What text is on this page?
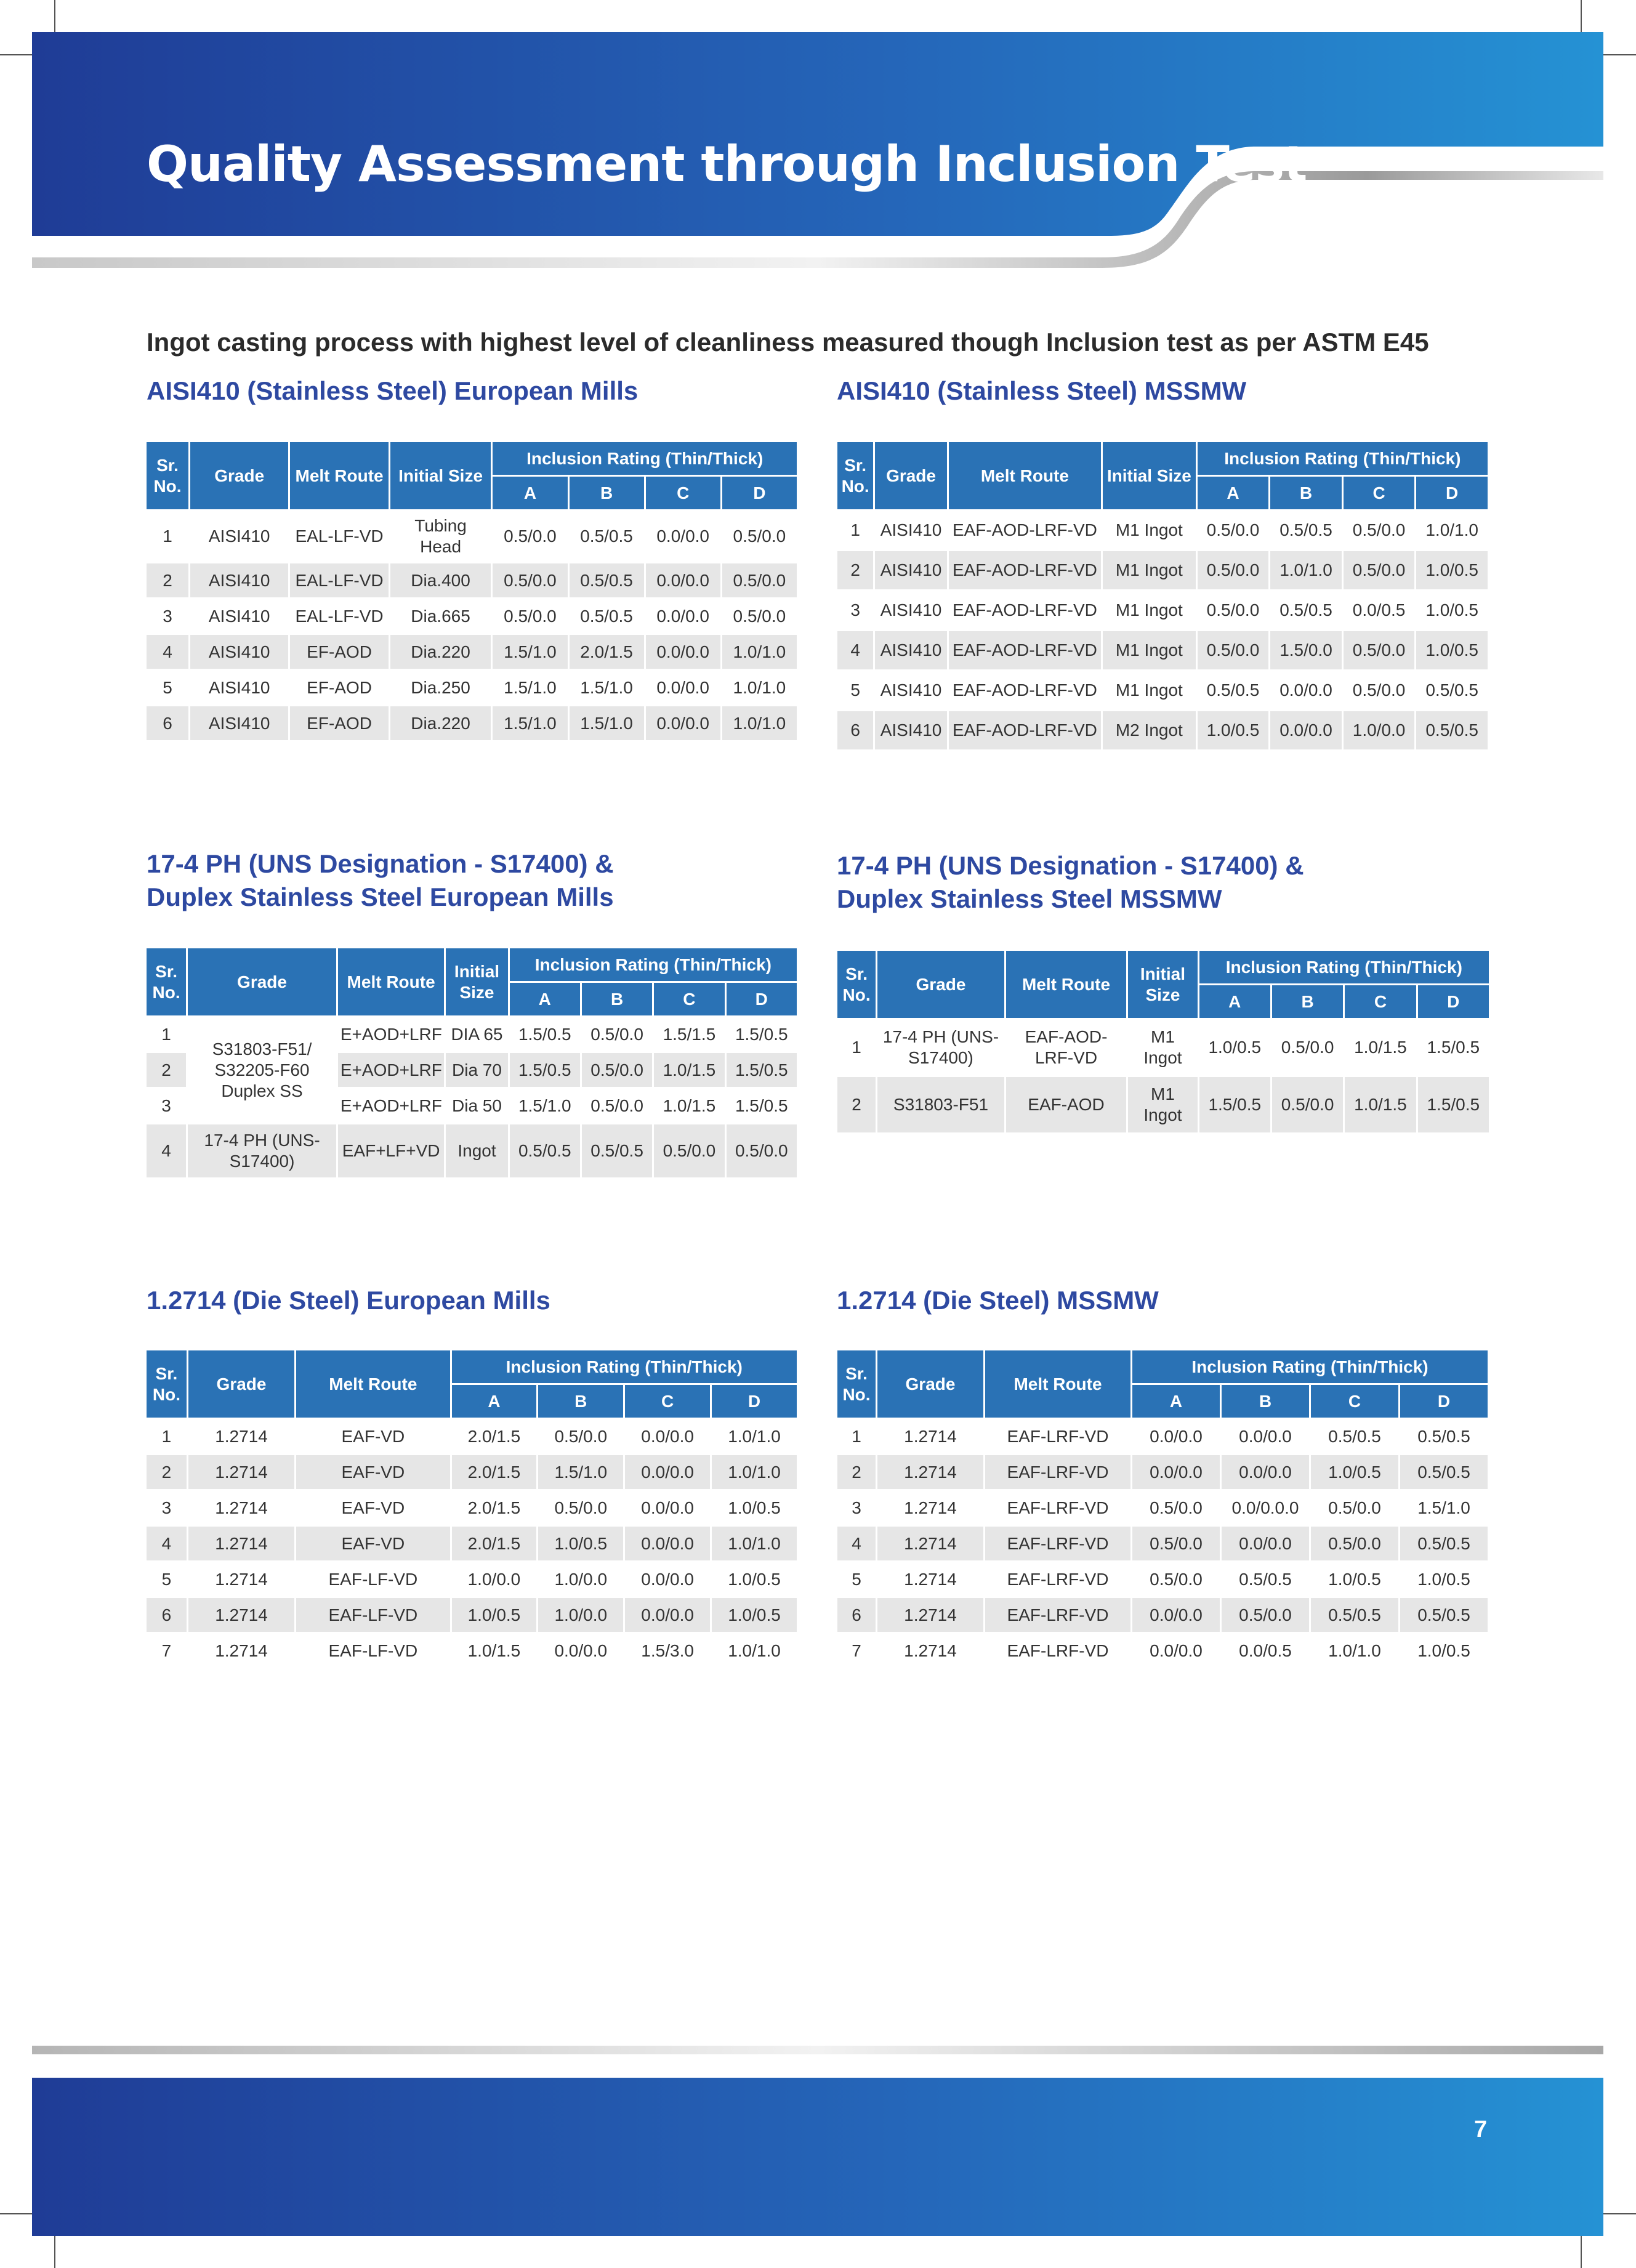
Quality Assessment through Inclusion Test
Ingot casting process with highest level of cleanliness measured though Inclusion test as per ASTM E45
AISI410 (Stainless Steel) European Mills
Sr. No.	Grade	Melt Route	Initial Size	Inclusion Rating (Thin/Thick)			
				A	B	C	D
1	AISI410	EAL-LF-VD	Tubing Head	0.5/0.0	0.5/0.5	0.0/0.0	0.5/0.0
2	AISI410	EAL-LF-VD	Dia.400	0.5/0.0	0.5/0.5	0.0/0.0	0.5/0.0
3	AISI410	EAL-LF-VD	Dia.665	0.5/0.0	0.5/0.5	0.0/0.0	0.5/0.0
4	AISI410	EF-AOD	Dia.220	1.5/1.0	2.0/1.5	0.0/0.0	1.0/1.0
5	AISI410	EF-AOD	Dia.250	1.5/1.0	1.5/1.0	0.0/0.0	1.0/1.0
6	AISI410	EF-AOD	Dia.220	1.5/1.0	1.5/1.0	0.0/0.0	1.0/1.0
AISI410 (Stainless Steel) MSSMW
Sr. No.	Grade	Melt Route	Initial Size	Inclusion Rating (Thin/Thick)			
				A	B	C	D
1	AISI410	EAF-AOD-LRF-VD	M1 Ingot	0.5/0.0	0.5/0.5	0.5/0.0	1.0/1.0
2	AISI410	EAF-AOD-LRF-VD	M1 Ingot	0.5/0.0	1.0/1.0	0.5/0.0	1.0/0.5
3	AISI410	EAF-AOD-LRF-VD	M1 Ingot	0.5/0.0	0.5/0.5	0.0/0.5	1.0/0.5
4	AISI410	EAF-AOD-LRF-VD	M1 Ingot	0.5/0.0	1.5/0.0	0.5/0.0	1.0/0.5
5	AISI410	EAF-AOD-LRF-VD	M1 Ingot	0.5/0.5	0.0/0.0	0.5/0.0	0.5/0.5
6	AISI410	EAF-AOD-LRF-VD	M2 Ingot	1.0/0.5	0.0/0.0	1.0/0.0	0.5/0.5
17-4 PH (UNS Designation - S17400) &
Duplex Stainless Steel European Mills
Sr. No.	Grade	Melt Route	Initial Size	Inclusion Rating (Thin/Thick)			
				A	B	C	D
1	S31803-F51/ S32205-F60 Duplex SS	E+AOD+LRF	DIA 65	1.5/0.5	0.5/0.0	1.5/1.5	1.5/0.5
2		E+AOD+LRF	Dia 70	1.5/0.5	0.5/0.0	1.0/1.5	1.5/0.5
3		E+AOD+LRF	Dia 50	1.5/1.0	0.5/0.0	1.0/1.5	1.5/0.5
4	17-4 PH (UNS- S17400)	EAF+LF+VD	Ingot	0.5/0.5	0.5/0.5	0.5/0.0	0.5/0.0
17-4 PH (UNS Designation - S17400) &
Duplex Stainless Steel MSSMW
Sr. No.	Grade	Melt Route	Initial Size	Inclusion Rating (Thin/Thick)			
				A	B	C	D
1	17-4 PH (UNS-S17400)	EAF-AOD- LRF-VD	M1 Ingot	1.0/0.5	0.5/0.0	1.0/1.5	1.5/0.5
2	S31803-F51	EAF-AOD	M1 Ingot	1.5/0.5	0.5/0.0	1.0/1.5	1.5/0.5
1.2714 (Die Steel) European Mills
Sr. No.	Grade	Melt Route	Inclusion Rating (Thin/Thick)			
			A	B	C	D
1	1.2714	EAF-VD	2.0/1.5	0.5/0.0	0.0/0.0	1.0/1.0
2	1.2714	EAF-VD	2.0/1.5	1.5/1.0	0.0/0.0	1.0/1.0
3	1.2714	EAF-VD	2.0/1.5	0.5/0.0	0.0/0.0	1.0/0.5
4	1.2714	EAF-VD	2.0/1.5	1.0/0.5	0.0/0.0	1.0/1.0
5	1.2714	EAF-LF-VD	1.0/0.0	1.0/0.0	0.0/0.0	1.0/0.5
6	1.2714	EAF-LF-VD	1.0/0.5	1.0/0.0	0.0/0.0	1.0/0.5
7	1.2714	EAF-LF-VD	1.0/1.5	0.0/0.0	1.5/3.0	1.0/1.0
1.2714 (Die Steel) MSSMW
Sr. No.	Grade	Melt Route	Inclusion Rating (Thin/Thick)			
			A	B	C	D
1	1.2714	EAF-LRF-VD	0.0/0.0	0.0/0.0	0.5/0.5	0.5/0.5
2	1.2714	EAF-LRF-VD	0.0/0.0	0.0/0.0	1.0/0.5	0.5/0.5
3	1.2714	EAF-LRF-VD	0.5/0.0	0.0/0.0.0	0.5/0.0	1.5/1.0
4	1.2714	EAF-LRF-VD	0.5/0.0	0.0/0.0	0.5/0.0	0.5/0.5
5	1.2714	EAF-LRF-VD	0.5/0.0	0.5/0.5	1.0/0.5	1.0/0.5
6	1.2714	EAF-LRF-VD	0.0/0.0	0.5/0.0	0.5/0.5	0.5/0.5
7	1.2714	EAF-LRF-VD	0.0/0.0	0.0/0.5	1.0/1.0	1.0/0.5
7
